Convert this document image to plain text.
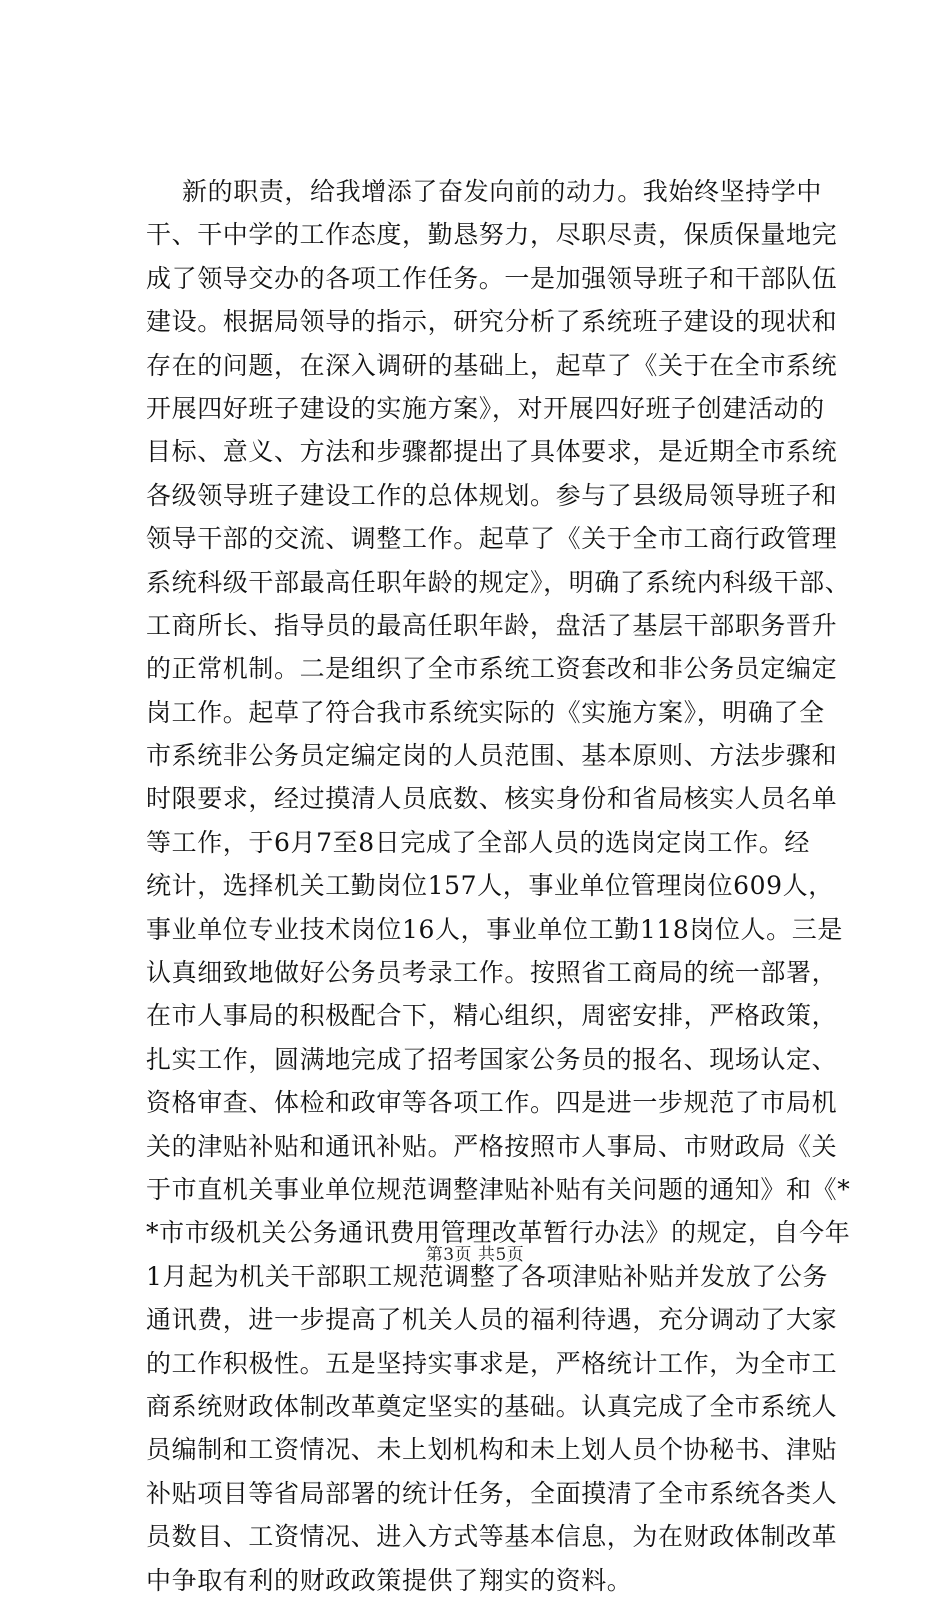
新的职责，给我增添了奋发向前的动力。我始终坚持学中
干、干中学的工作态度，勤恳努力，尽职尽责，保质保量地完
成了领导交办的各项工作任务。一是加强领导班子和干部队伍
建设。根据局领导的指示，研究分析了系统班子建设的现状和
存在的问题，在深入调研的基础上，起草了《关于在全市系统
开展四好班子建设的实施方案》，对开展四好班子创建活动的
目标、意义、方法和步骤都提出了具体要求，是近期全市系统
各级领导班子建设工作的总体规划。参与了县级局领导班子和
领导干部的交流、调整工作。起草了《关于全市工商行政管理
系统科级干部最高任职年龄的规定》，明确了系统内科级干部、
工商所长、指导员的最高任职年龄，盘活了基层干部职务晋升
的正常机制。二是组织了全市系统工资套改和非公务员定编定
岗工作。起草了符合我市系统实际的《实施方案》，明确了全
市系统非公务员定编定岗的人员范围、基本原则、方法步骤和
时限要求，经过摸清人员底数、核实身份和省局核实人员名单
等工作，于6月7至8日完成了全部人员的选岗定岗工作。经
统计，选择机关工勤岗位157人，事业单位管理岗位609人，
事业单位专业技术岗位16人，事业单位工勤118岗位人。三是
认真细致地做好公务员考录工作。按照省工商局的统一部署，
在市人事局的积极配合下，精心组织，周密安排，严格政策，
扎实工作，圆满地完成了招考国家公务员的报名、现场认定、
资格审查、体检和政审等各项工作。四是进一步规范了市局机
关的津贴补贴和通讯补贴。严格按照市人事局、市财政局《关
于市直机关事业单位规范调整津贴补贴有关问题的通知》和《*
*市市级机关公务通讯费用管理改革暂行办法》的规定，自今年
1月起为机关干部职工规范调整了各项津贴补贴并发放了公务
通讯费，进一步提高了机关人员的福利待遇，充分调动了大家
的工作积极性。五是坚持实事求是，严格统计工作，为全市工
商系统财政体制改革奠定坚实的基础。认真完成了全市系统人
员编制和工资情况、未上划机构和未上划人员个协秘书、津贴
补贴项目等省局部署的统计任务，全面摸清了全市系统各类人
员数目、工资情况、进入方式等基本信息，为在财政体制改革
中争取有利的财政政策提供了翔实的资料。
第3页 共5页
